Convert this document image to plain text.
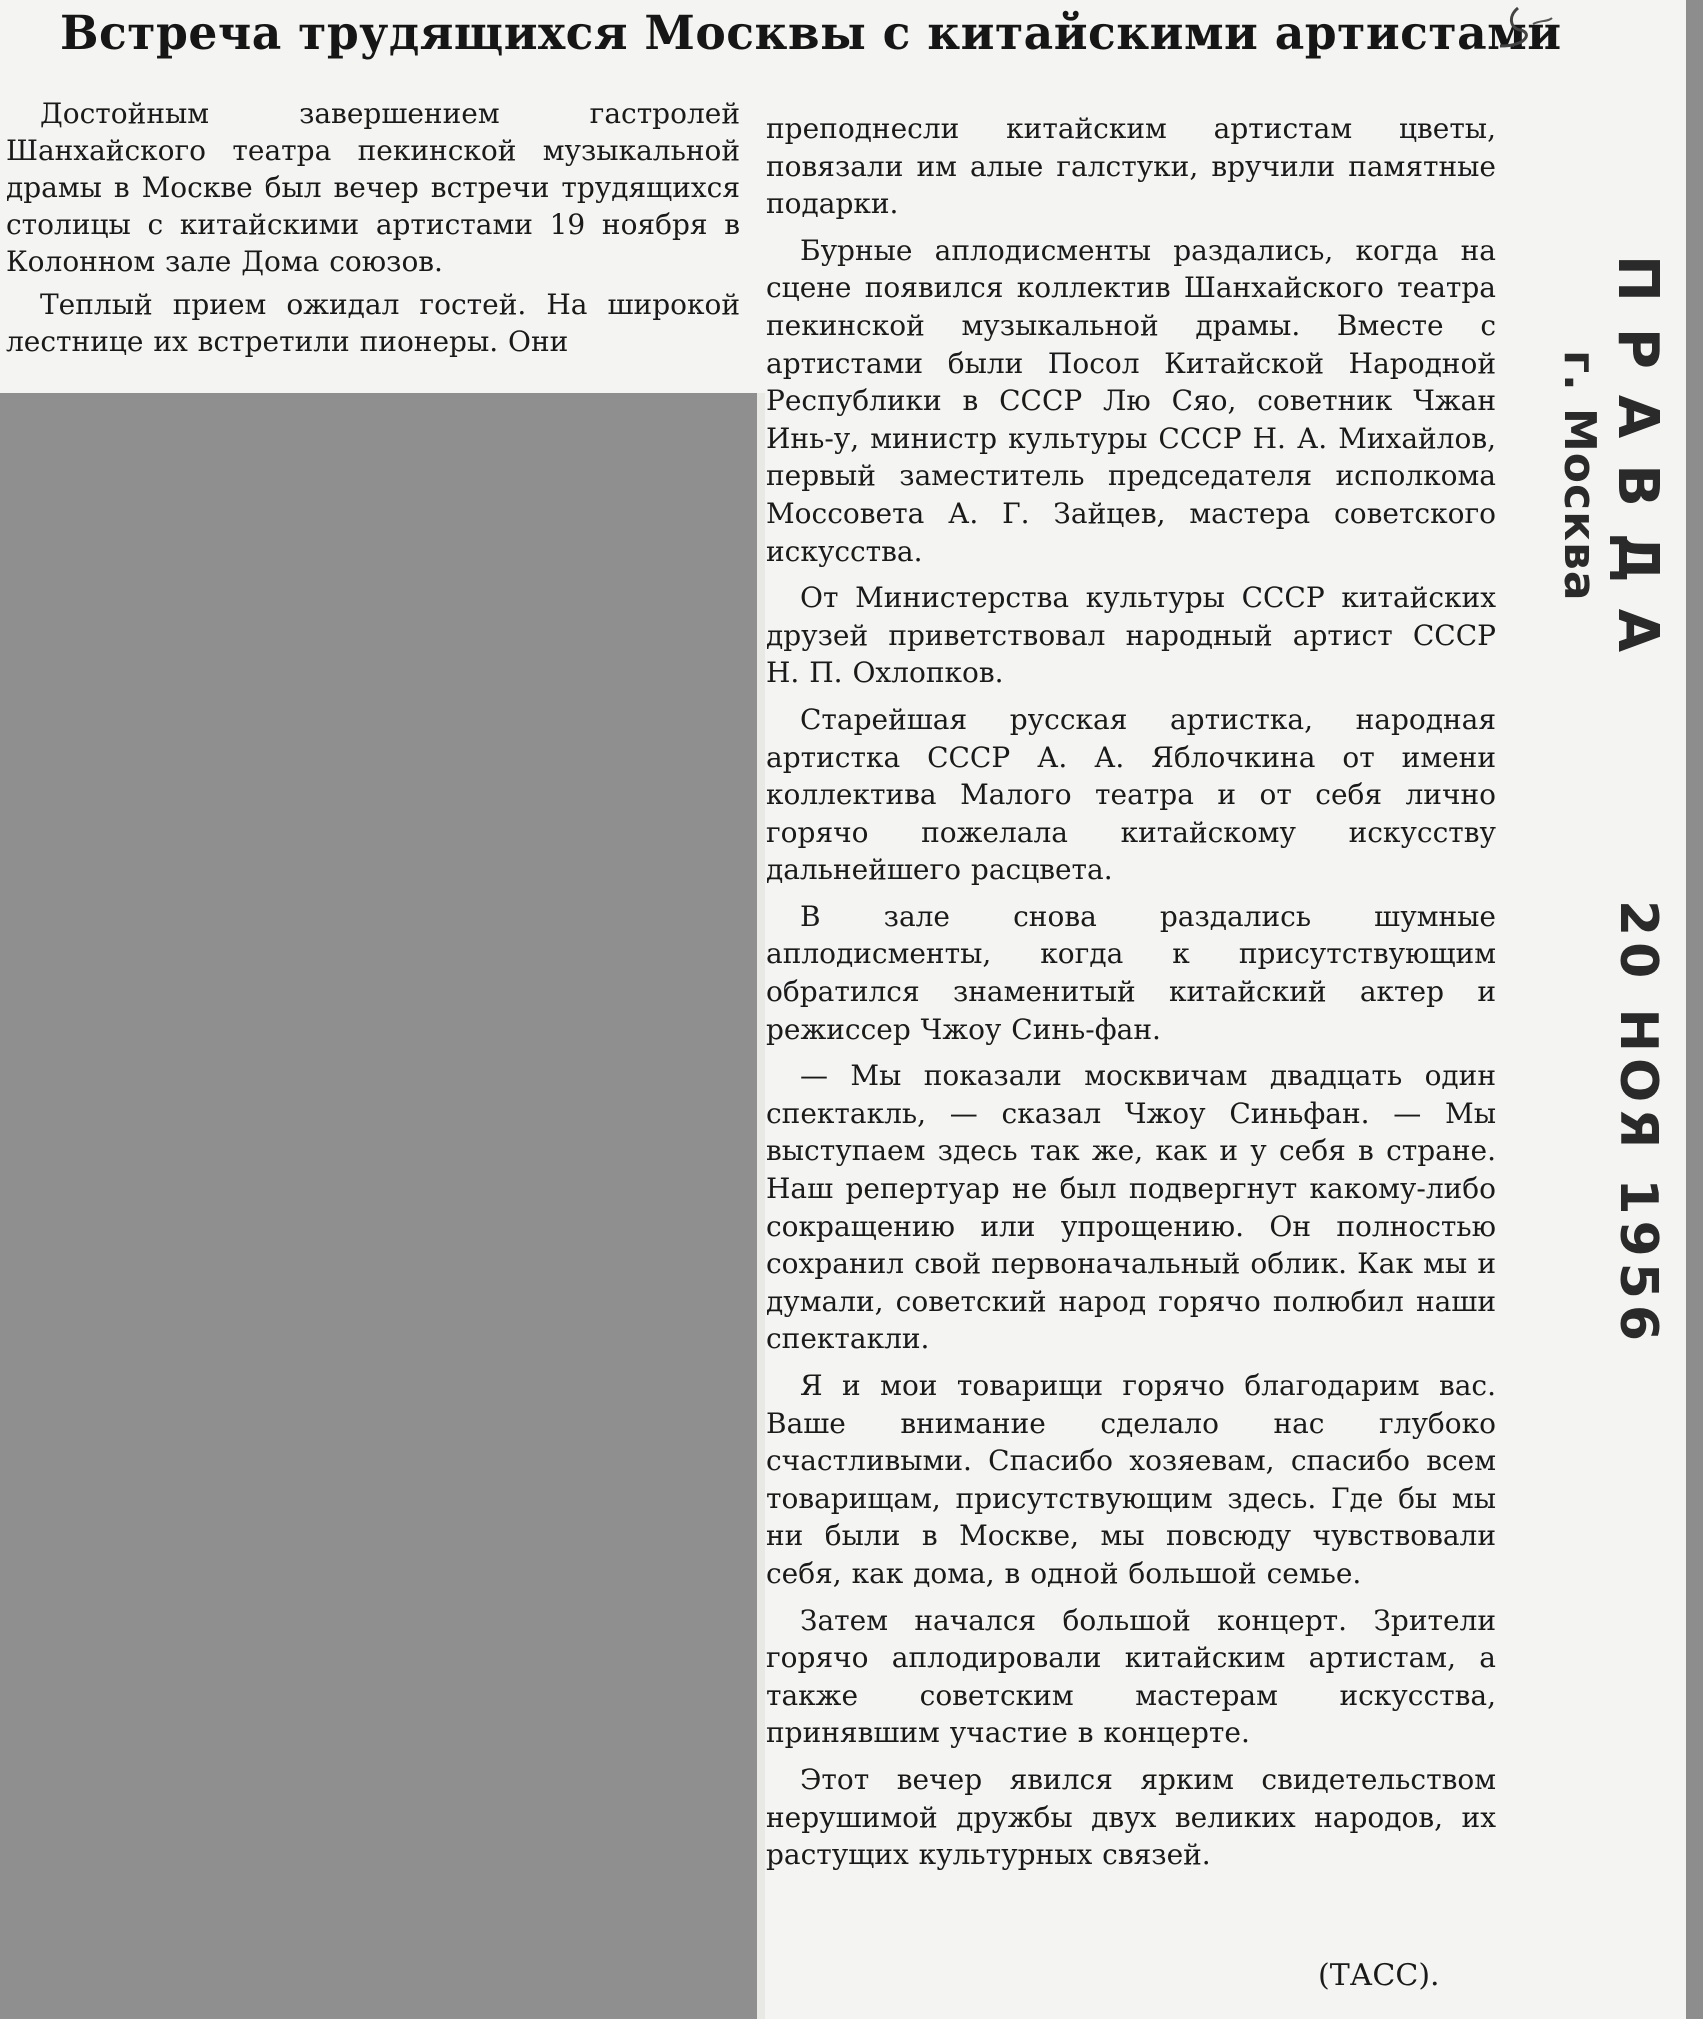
Встреча трудящихся Москвы с китайскими артистами

Достойным завершением гастролей Шанхайского театра пекинской музыкальной драмы в Москве был вечер встречи трудящихся столицы с китайскими артистами 19 ноября в Колонном зале Дома союзов.

Теплый прием ожидал гостей. На широкой лестнице их встретили пионеры. Они

преподнесли китайским артистам цветы, повязали им алые галстуки, вручили памятные подарки.

Бурные аплодисменты раздались, когда на сцене появился коллектив Шанхайского театра пекинской музыкальной драмы. Вместе с артистами были Посол Китайской Народной Республики в СССР Лю Сяо, советник Чжан Инь-у, министр культуры СССР Н. А. Михайлов, первый заместитель председателя исполкома Моссовета А. Г. Зайцев, мастера советского искусства.

От Министерства культуры СССР китайских друзей приветствовал народный артист СССР Н. П. Охлопков.

Старейшая русская артистка, народная артистка СССР А. А. Яблочкина от имени коллектива Малого театра и от себя лично горячо пожелала китайскому искусству дальнейшего расцвета.

В зале снова раздались шумные аплодисменты, когда к присутствующим обратился знаменитый китайский актер и режиссер Чжоу Синь-фан.

— Мы показали москвичам двадцать один спектакль, — сказал Чжоу Синьфан. — Мы выступаем здесь так же, как и у себя в стране. Наш репертуар не был подвергнут какому-либо сокращению или упрощению. Он полностью сохранил свой первоначальный облик. Как мы и думали, советский народ горячо полюбил наши спектакли.

Я и мои товарищи горячо благодарим вас. Ваше внимание сделало нас глубоко счастливыми. Спасибо хозяевам, спасибо всем товарищам, присутствующим здесь. Где бы мы ни были в Москве, мы повсюду чувствовали себя, как дома, в одной большой семье.

Затем начался большой концерт. Зрители горячо аплодировали китайским артистам, а также советским мастерам искусства, принявшим участие в концерте.

Этот вечер явился ярким свидетельством нерушимой дружбы двух великих народов, их растущих культурных связей.

(ТАСС).
ПРАВДА
г. Москва
20 НОЯ 1956
